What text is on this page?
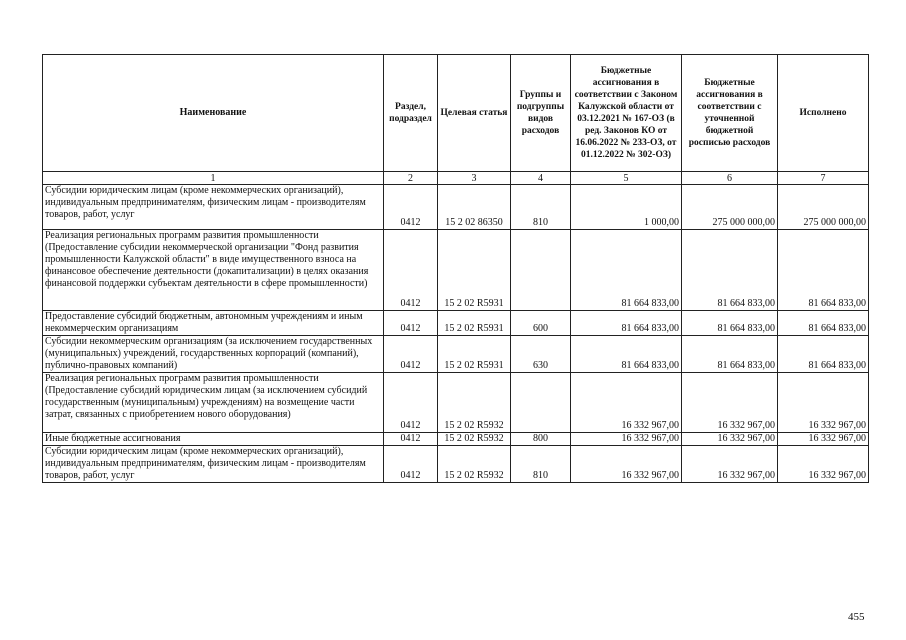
Наименование	Раздел, подраздел	Целевая статья	Группы и подгруппы видов расходов	Бюджетные ассигнования в соответствии с Законом Калужской области от 03.12.2021 № 167-ОЗ (в ред. Законов КО от 16.06.2022 № 233-ОЗ, от 01.12.2022 № 302-ОЗ)	Бюджетные ассигнования в соответствии с уточненной бюджетной росписью расходов	Исполнено
1	2	3	4	5	6	7
Субсидии юридическим лицам (кроме некоммерческих организаций), индивидуальным предпринимателям, физическим лицам - производителям товаров, работ, услуг	0412	15 2 02 86350	810	1 000,00	275 000 000,00	275 000 000,00
Реализация региональных программ развития промышленности (Предоставление субсидии некоммерческой организации "Фонд развития промышленности Калужской области" в виде имущественного взноса на финансовое обеспечение деятельности (докапитализации) в целях оказания финансовой поддержки субъектам деятельности в сфере промышленности)	0412	15 2 02 R5931		81 664 833,00	81 664 833,00	81 664 833,00
Предоставление субсидий бюджетным, автономным учреждениям и иным некоммерческим организациям	0412	15 2 02 R5931	600	81 664 833,00	81 664 833,00	81 664 833,00
Субсидии некоммерческим организациям (за исключением государственных (муниципальных) учреждений, государственных корпораций (компаний), публично-правовых компаний)	0412	15 2 02 R5931	630	81 664 833,00	81 664 833,00	81 664 833,00
Реализация региональных программ развития промышленности (Предоставление субсидий юридическим лицам (за исключением субсидий государственным (муниципальным) учреждениям) на возмещение части затрат, связанных с приобретением нового оборудования)	0412	15 2 02 R5932		16 332 967,00	16 332 967,00	16 332 967,00
Иные бюджетные ассигнования	0412	15 2 02 R5932	800	16 332 967,00	16 332 967,00	16 332 967,00
Субсидии юридическим лицам (кроме некоммерческих организаций), индивидуальным предпринимателям, физическим лицам - производителям товаров, работ, услуг	0412	15 2 02 R5932	810	16 332 967,00	16 332 967,00	16 332 967,00
455
